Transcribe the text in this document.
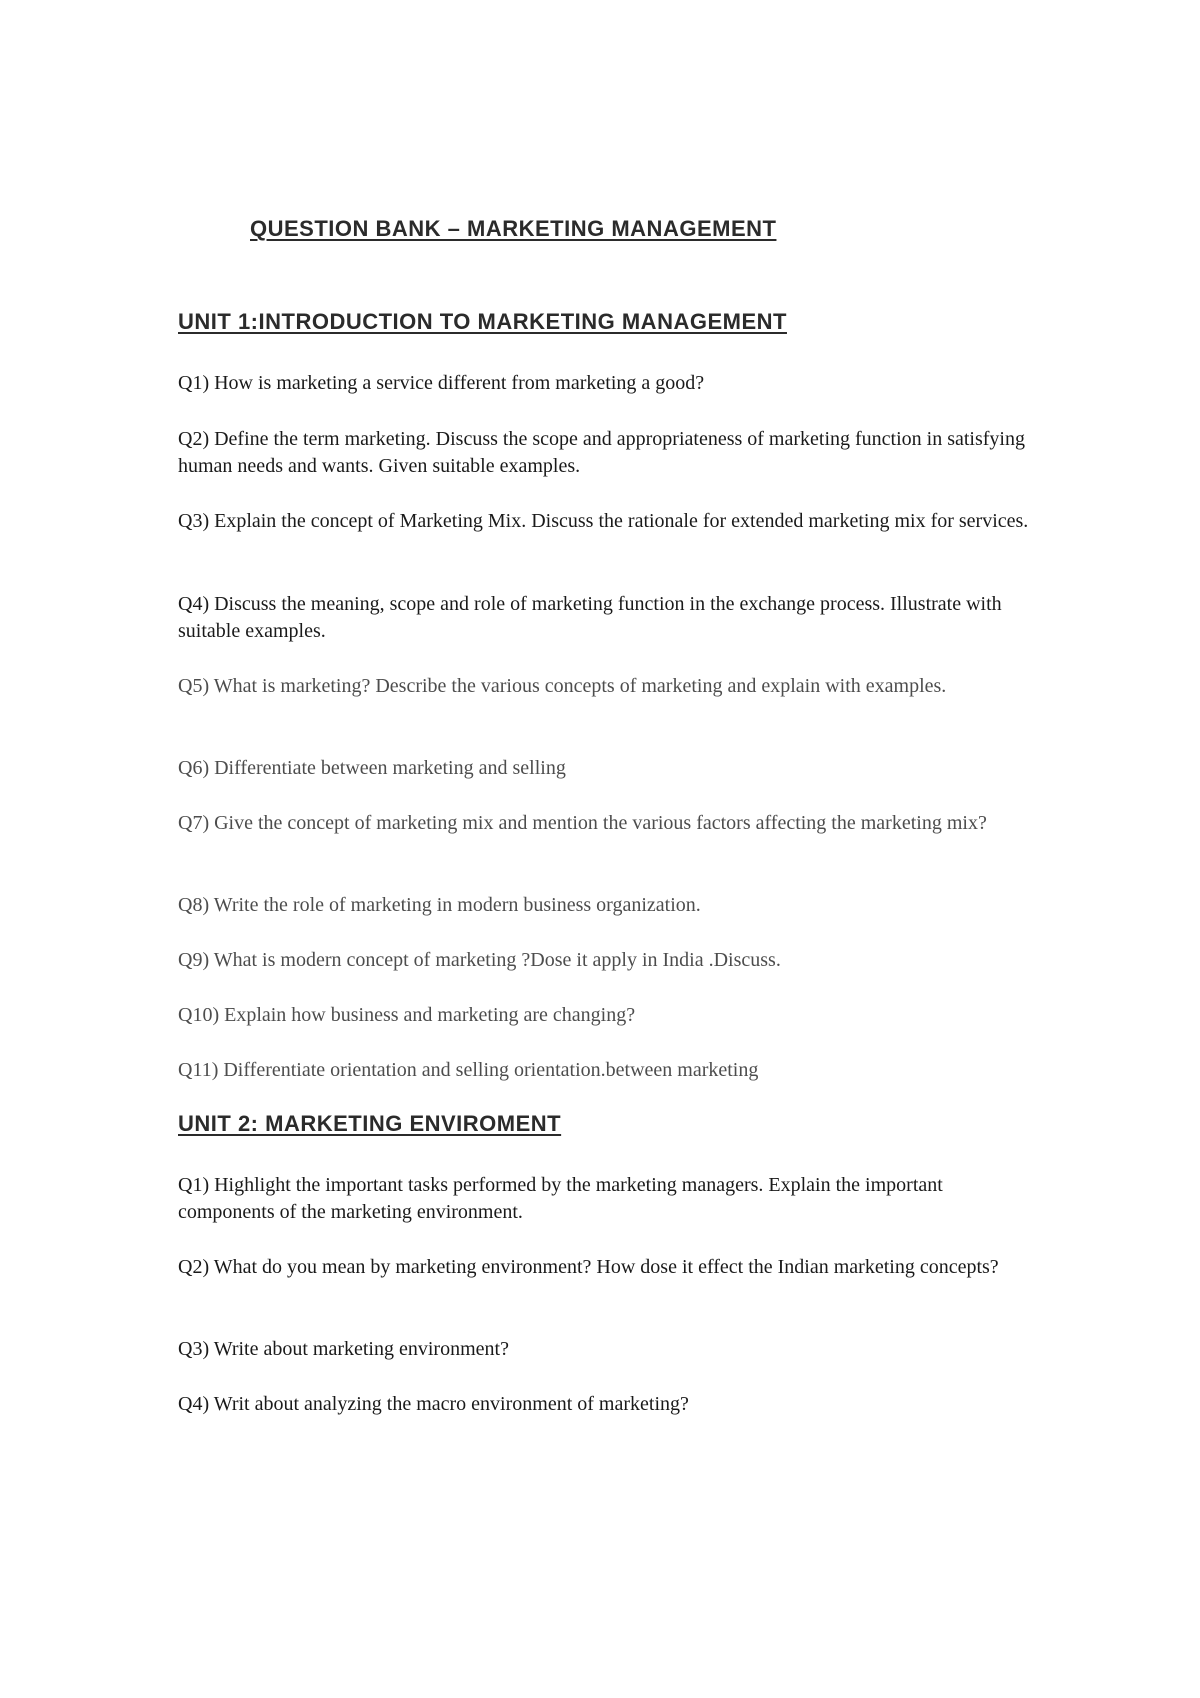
QUESTION BANK – MARKETING MANAGEMENT
UNIT 1:INTRODUCTION TO MARKETING MANAGEMENT

Q1) How is marketing a service different from marketing a good?

Q2) Define the term marketing. Discuss the scope and appropriateness of marketing function in satisfying human needs and wants. Given suitable examples.

Q3) Explain the concept of Marketing Mix. Discuss the rationale for extended marketing mix for services.

Q4) Discuss the meaning, scope and role of marketing function in the exchange process. Illustrate with suitable examples.

Q5) What is marketing? Describe the various concepts of marketing and explain with examples.

Q6) Differentiate between marketing and selling

Q7) Give the concept of marketing mix and mention the various factors affecting the marketing mix?

Q8) Write the role of marketing in modern business organization.

Q9) What is modern concept of marketing ?Dose it apply in India .Discuss.

Q10) Explain how business and marketing are changing?

Q11) Differentiate orientation and selling orientation.between marketing

UNIT 2: MARKETING ENVIROMENT

Q1) Highlight the important tasks performed by the marketing managers. Explain the important components of the marketing environment.

Q2) What do you mean by marketing environment? How dose it effect the Indian marketing concepts?

Q3) Write about marketing environment?

Q4) Writ about analyzing the macro environment of marketing?
